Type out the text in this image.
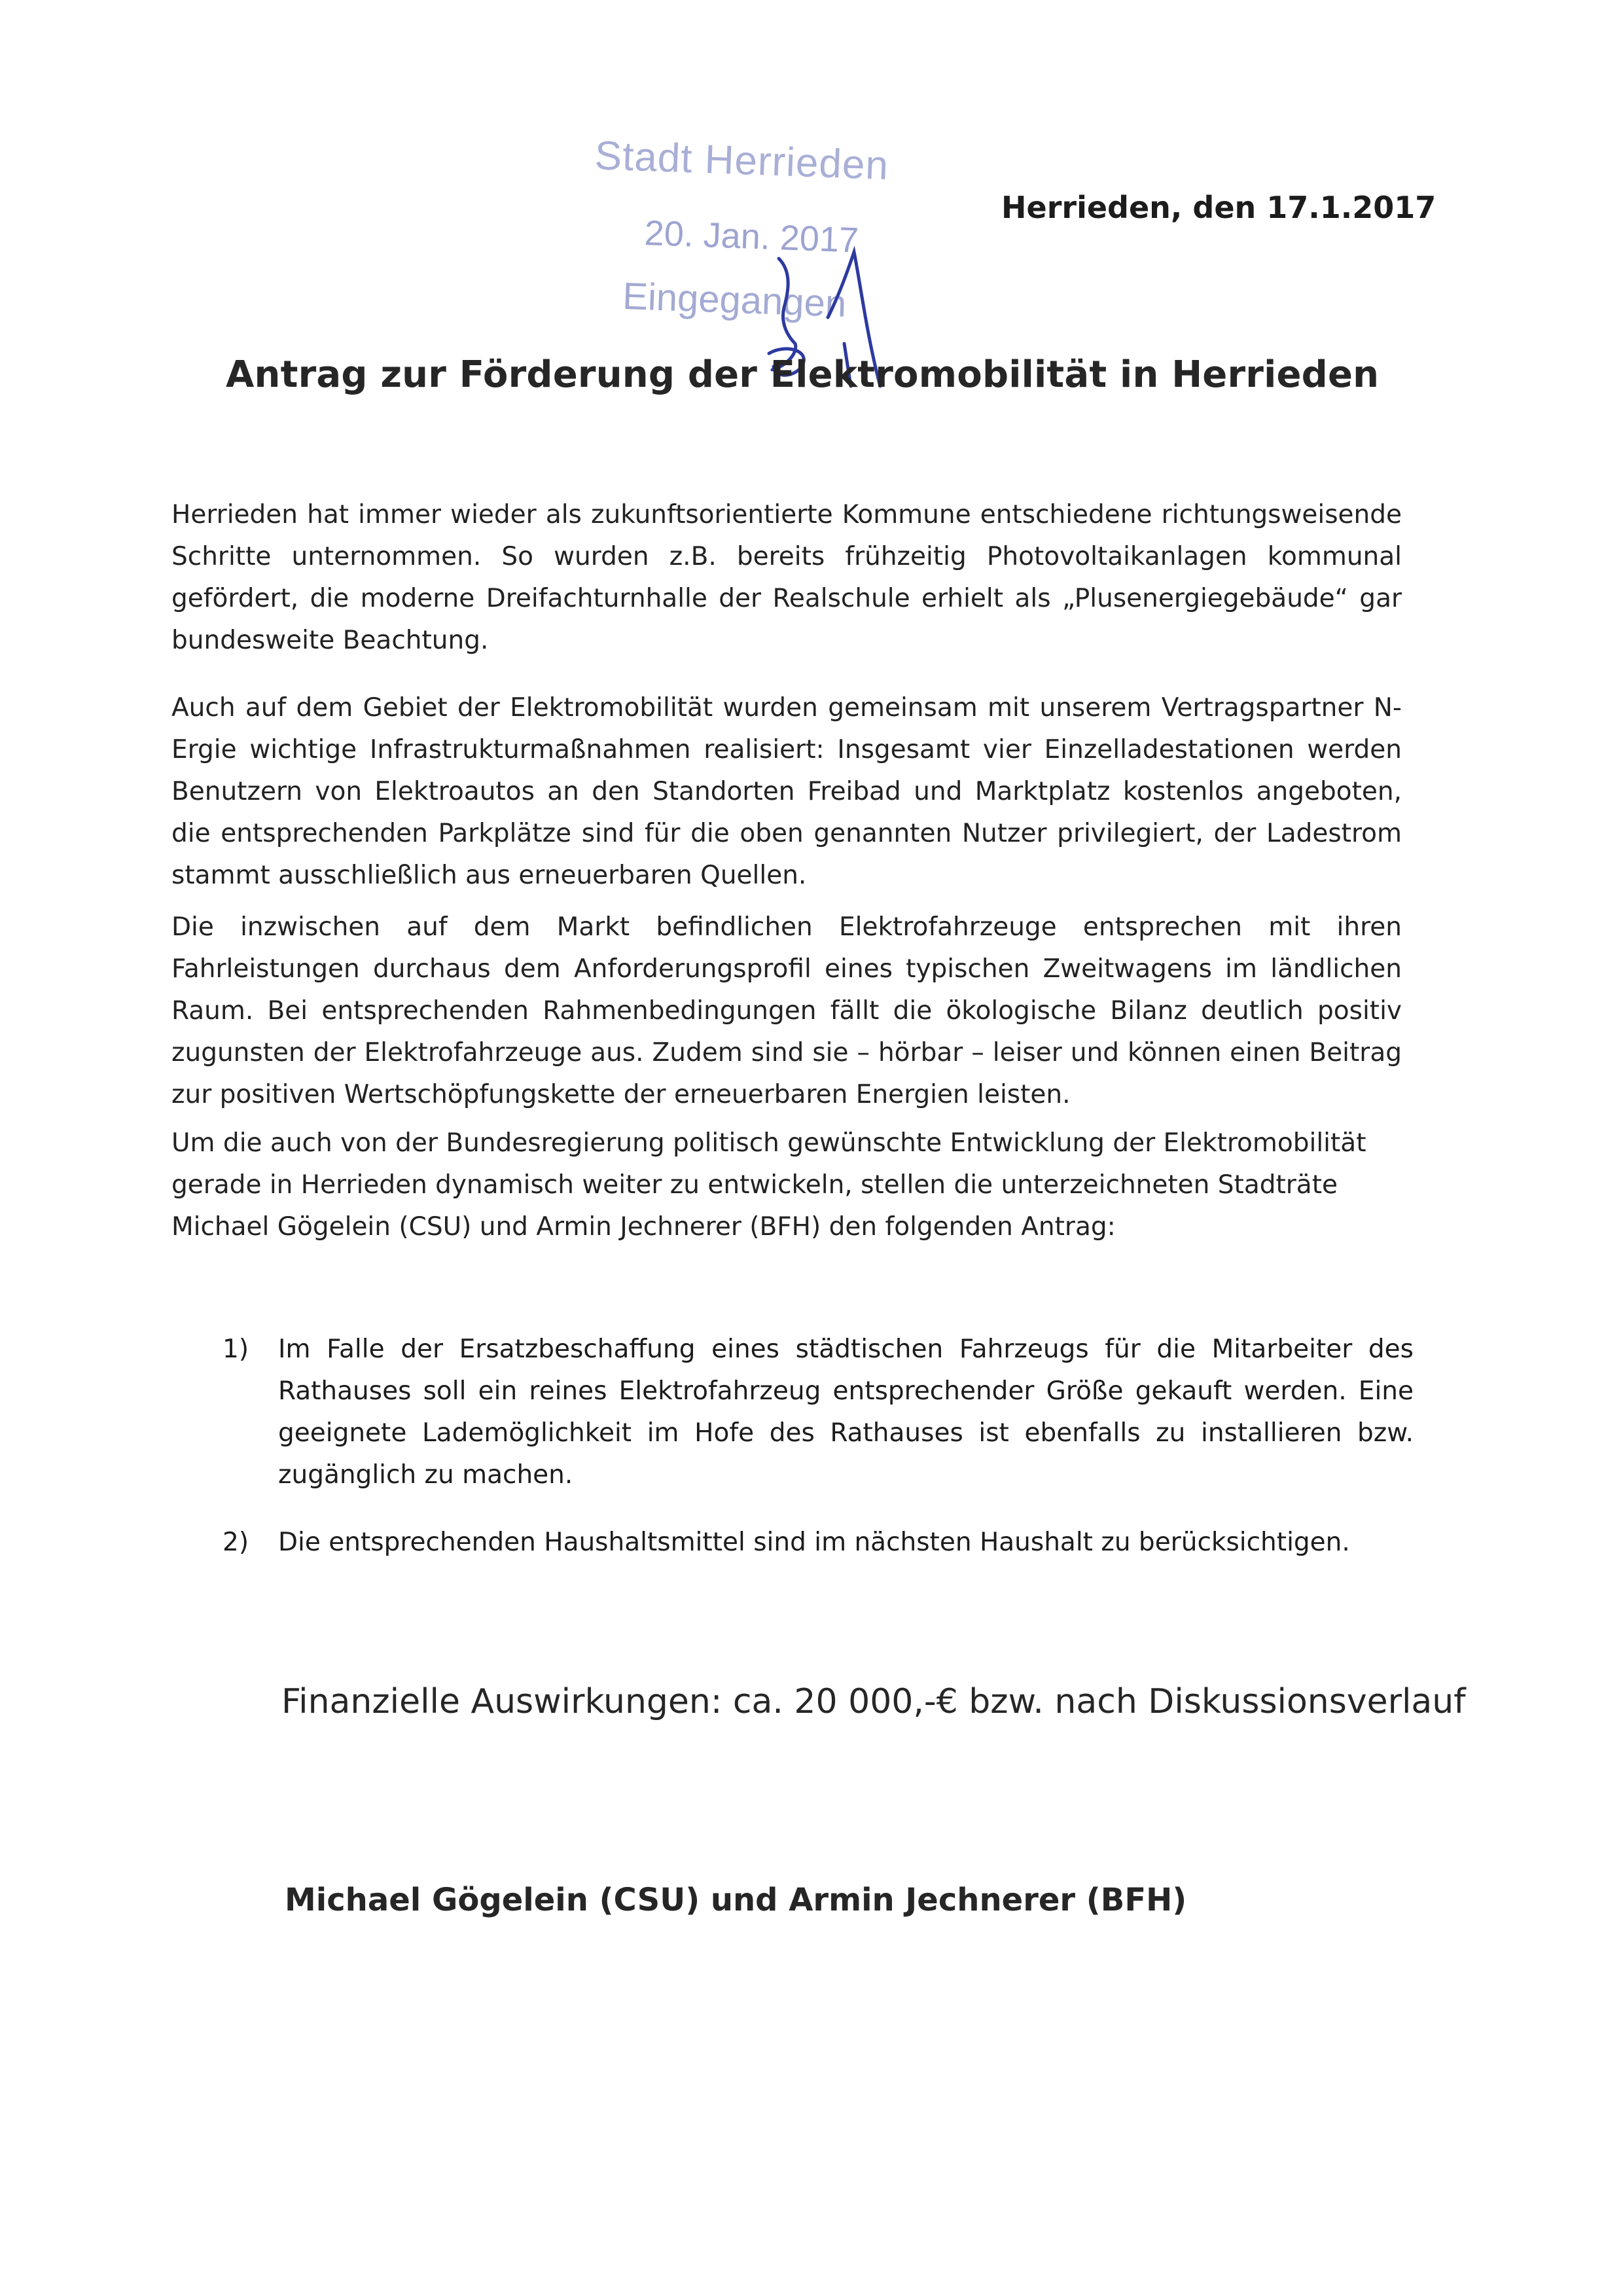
Stadt Herrieden
20. Jan. 2017
Eingegangen
Herrieden, den 17.1.2017
Antrag zur Förderung der Elektromobilität in Herrieden
Herrieden hat immer wieder als zukunftsorientierte Kommune entschiedene richtungsweisende Schritte unternommen. So wurden z.B. bereits frühzeitig Photovoltaikanlagen kommunal gefördert, die moderne Dreifachturnhalle der Realschule erhielt als „Plusenergiegebäude“ gar bundesweite Beachtung.
Auch auf dem Gebiet der Elektromobilität wurden gemeinsam mit unserem Vertragspartner N-Ergie wichtige Infrastrukturmaßnahmen realisiert: Insgesamt vier Einzelladestationen werden Benutzern von Elektroautos an den Standorten Freibad und Marktplatz kostenlos angeboten, die entsprechenden Parkplätze sind für die oben genannten Nutzer privilegiert, der Ladestrom stammt ausschließlich aus erneuerbaren Quellen.
Die inzwischen auf dem Markt befindlichen Elektrofahrzeuge entsprechen mit ihren Fahrleistungen durchaus dem Anforderungsprofil eines typischen Zweitwagens im ländlichen Raum. Bei entsprechenden Rahmenbedingungen fällt die ökologische Bilanz deutlich positiv zugunsten der Elektrofahrzeuge aus. Zudem sind sie – hörbar – leiser und können einen Beitrag zur positiven Wertschöpfungskette der erneuerbaren Energien leisten.
Um die auch von der Bundesregierung politisch gewünschte Entwicklung der Elektromobilität gerade in Herrieden dynamisch weiter zu entwickeln, stellen die unterzeichneten Stadträte Michael Gögelein (CSU) und Armin Jechnerer (BFH) den folgenden Antrag:
1) Im Falle der Ersatzbeschaffung eines städtischen Fahrzeugs für die Mitarbeiter des Rathauses soll ein reines Elektrofahrzeug entsprechender Größe gekauft werden. Eine geeignete Lademöglichkeit im Hofe des Rathauses ist ebenfalls zu installieren bzw. zugänglich zu machen.
2) Die entsprechenden Haushaltsmittel sind im nächsten Haushalt zu berücksichtigen.
Finanzielle Auswirkungen: ca. 20 000,-€ bzw. nach Diskussionsverlauf
Michael Gögelein (CSU) und Armin Jechnerer (BFH)
